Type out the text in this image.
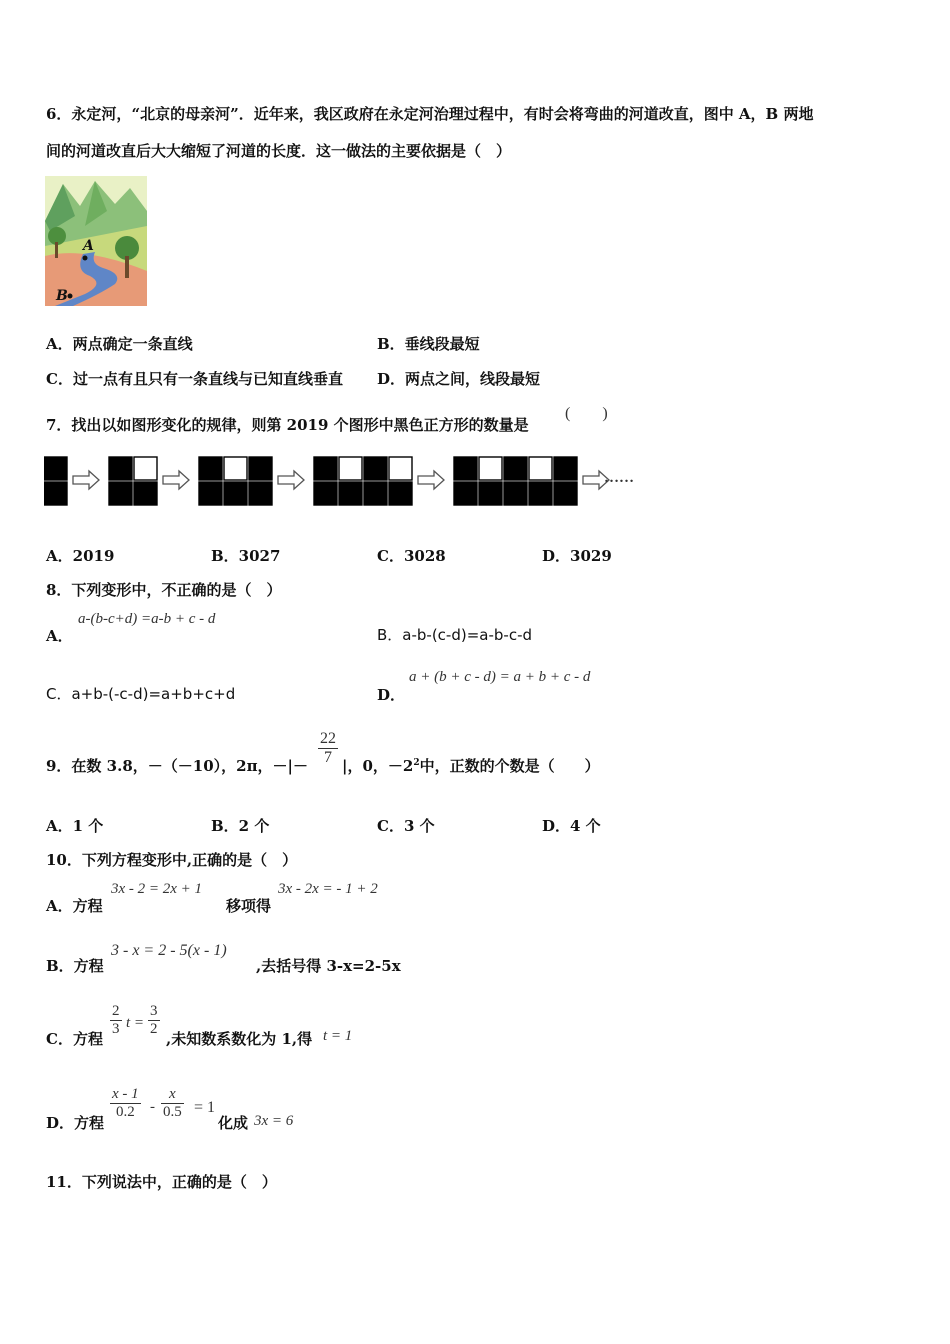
6．永定河，“北京的母亲河”．近年来，我区政府在永定河治理过程中，有时会将弯曲的河道改直，图中 A，B 两地
间的河道改直后大大缩短了河道的长度．这一做法的主要依据是（　）
A
B
A．两点确定一条直线	B．垂线段最短
C．过一点有且只有一条直线与已知直线垂直 D．两点之间，线段最短
7．找出以如图形变化的规律，则第 2019 个图形中黑色正方形的数量是
(　　)
……
A．2019	B．3027	C．3028	D．3029
8．下列变形中，不正确的是（　）
A．
a-(b-c+d) =a-b + c - d
B．a-b-(c-d)=a-b-c-d
C．a+b-(-c-d)=a+b+c+d	D．
a + (b + c - d) = a + b + c - d
9．在数 3.8，－（－10），2π，－|－ $\frac{22}{7}$ |，0，$-2^2$中，正数的个数是（　　）
A．1 个	B．2 个	C．3 个	D．4 个
10．下列方程变形中,正确的是（　）
A．方程
3x - 2 = 2x + 1
移项得
3x - 2x = - 1 + 2
B．方程
3 - x = 2 - 5(x - 1)
,去括号得 3-x=2-5x
C．方程
$\frac{2}{3}$ $t = \frac{3}{2}$
,未知数系数化为 1,得 t = 1
D．方程
$\frac{x - 1}{0.2} - \frac{x}{0.5} = 1$
化成 3x = 6
11．下列说法中，正确的是（　）
